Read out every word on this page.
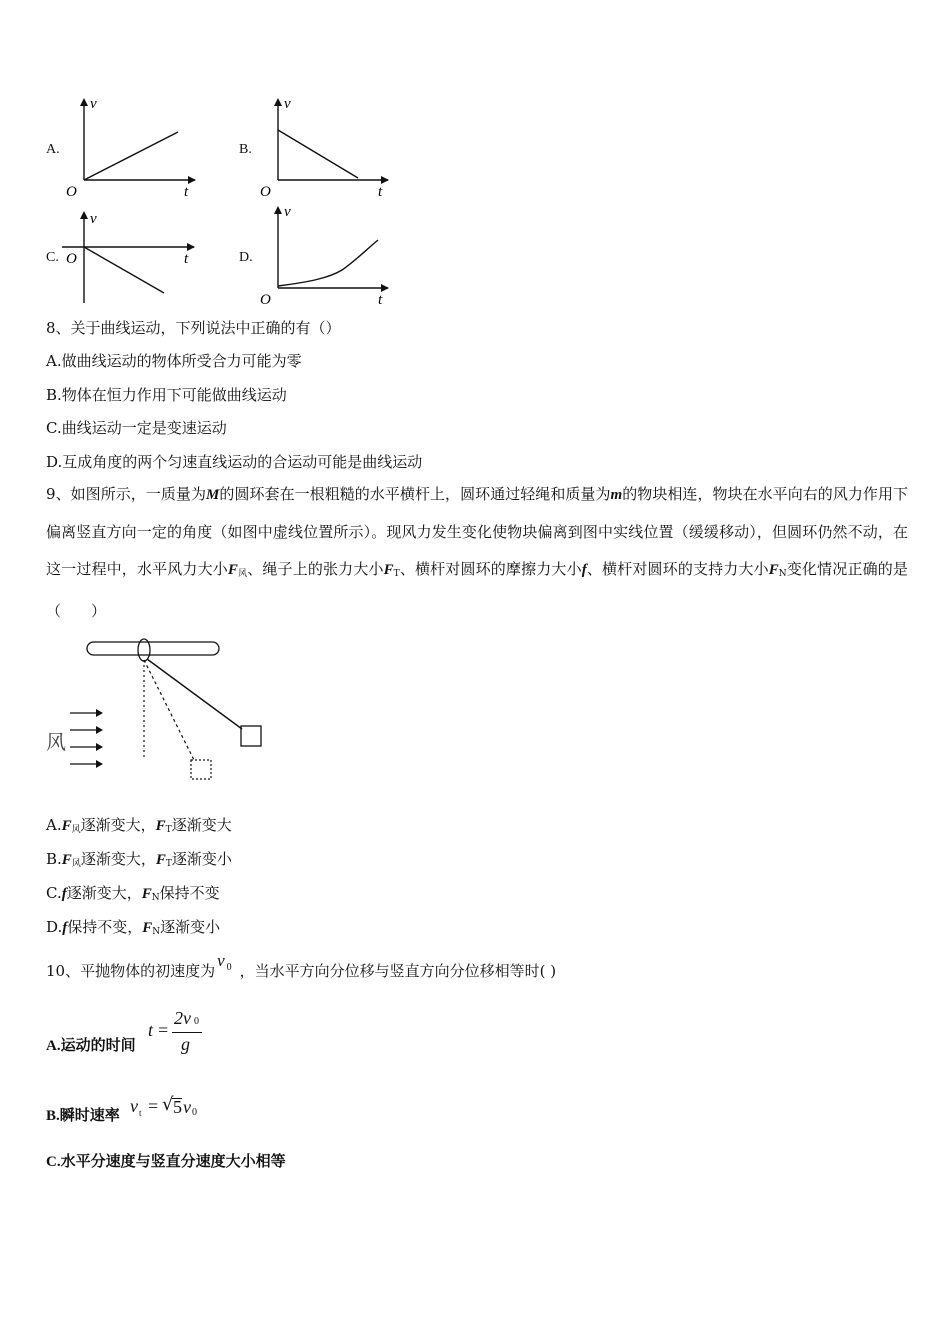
A.
v
O	t
B.
v
O	t
C.
v
O	t	D.
v
O	t
8、关于曲线运动，下列说法中正确的有（）
A.做曲线运动的物体所受合力可能为零
B.物体在恒力作用下可能做曲线运动
C.曲线运动一定是变速运动
D.互成角度的两个匀速直线运动的合运动可能是曲线运动
9、如图所示，一质量为M的圆环套在一根粗糙的水平横杆上，圆环通过轻绳和质量为m的物块相连，物块在水平向右的风力作用下偏离竖直方向一定的角度（如图中虚线位置所示）。现风力发生变化使物块偏离到图中实线位置（缓缓移动），但圆环仍然不动，在这一过程中，水平风力大小$F_风$、绳子上的张力大小$F_T$、横杆对圆环的摩擦力大小f、横杆对圆环的支持力大小$F_N$变化情况正确的是（　　）
风
$A.F_风$逐渐变大，$F_T$逐渐变大
$B.F_风$逐渐变大，$F_T$逐渐变小
C.f逐渐变大，$F_N$保持不变
D.f保持不变，$F_N$逐渐变小
10、平抛物体的初速度为v $^0$ ，当水平方向分位移与竖直方向分位移相等时( )
A.运动的时间
t =
2v 0
g
B.瞬时速率 v t = √ 5 v 0
C.水平分速度与竖直分速度大小相等
